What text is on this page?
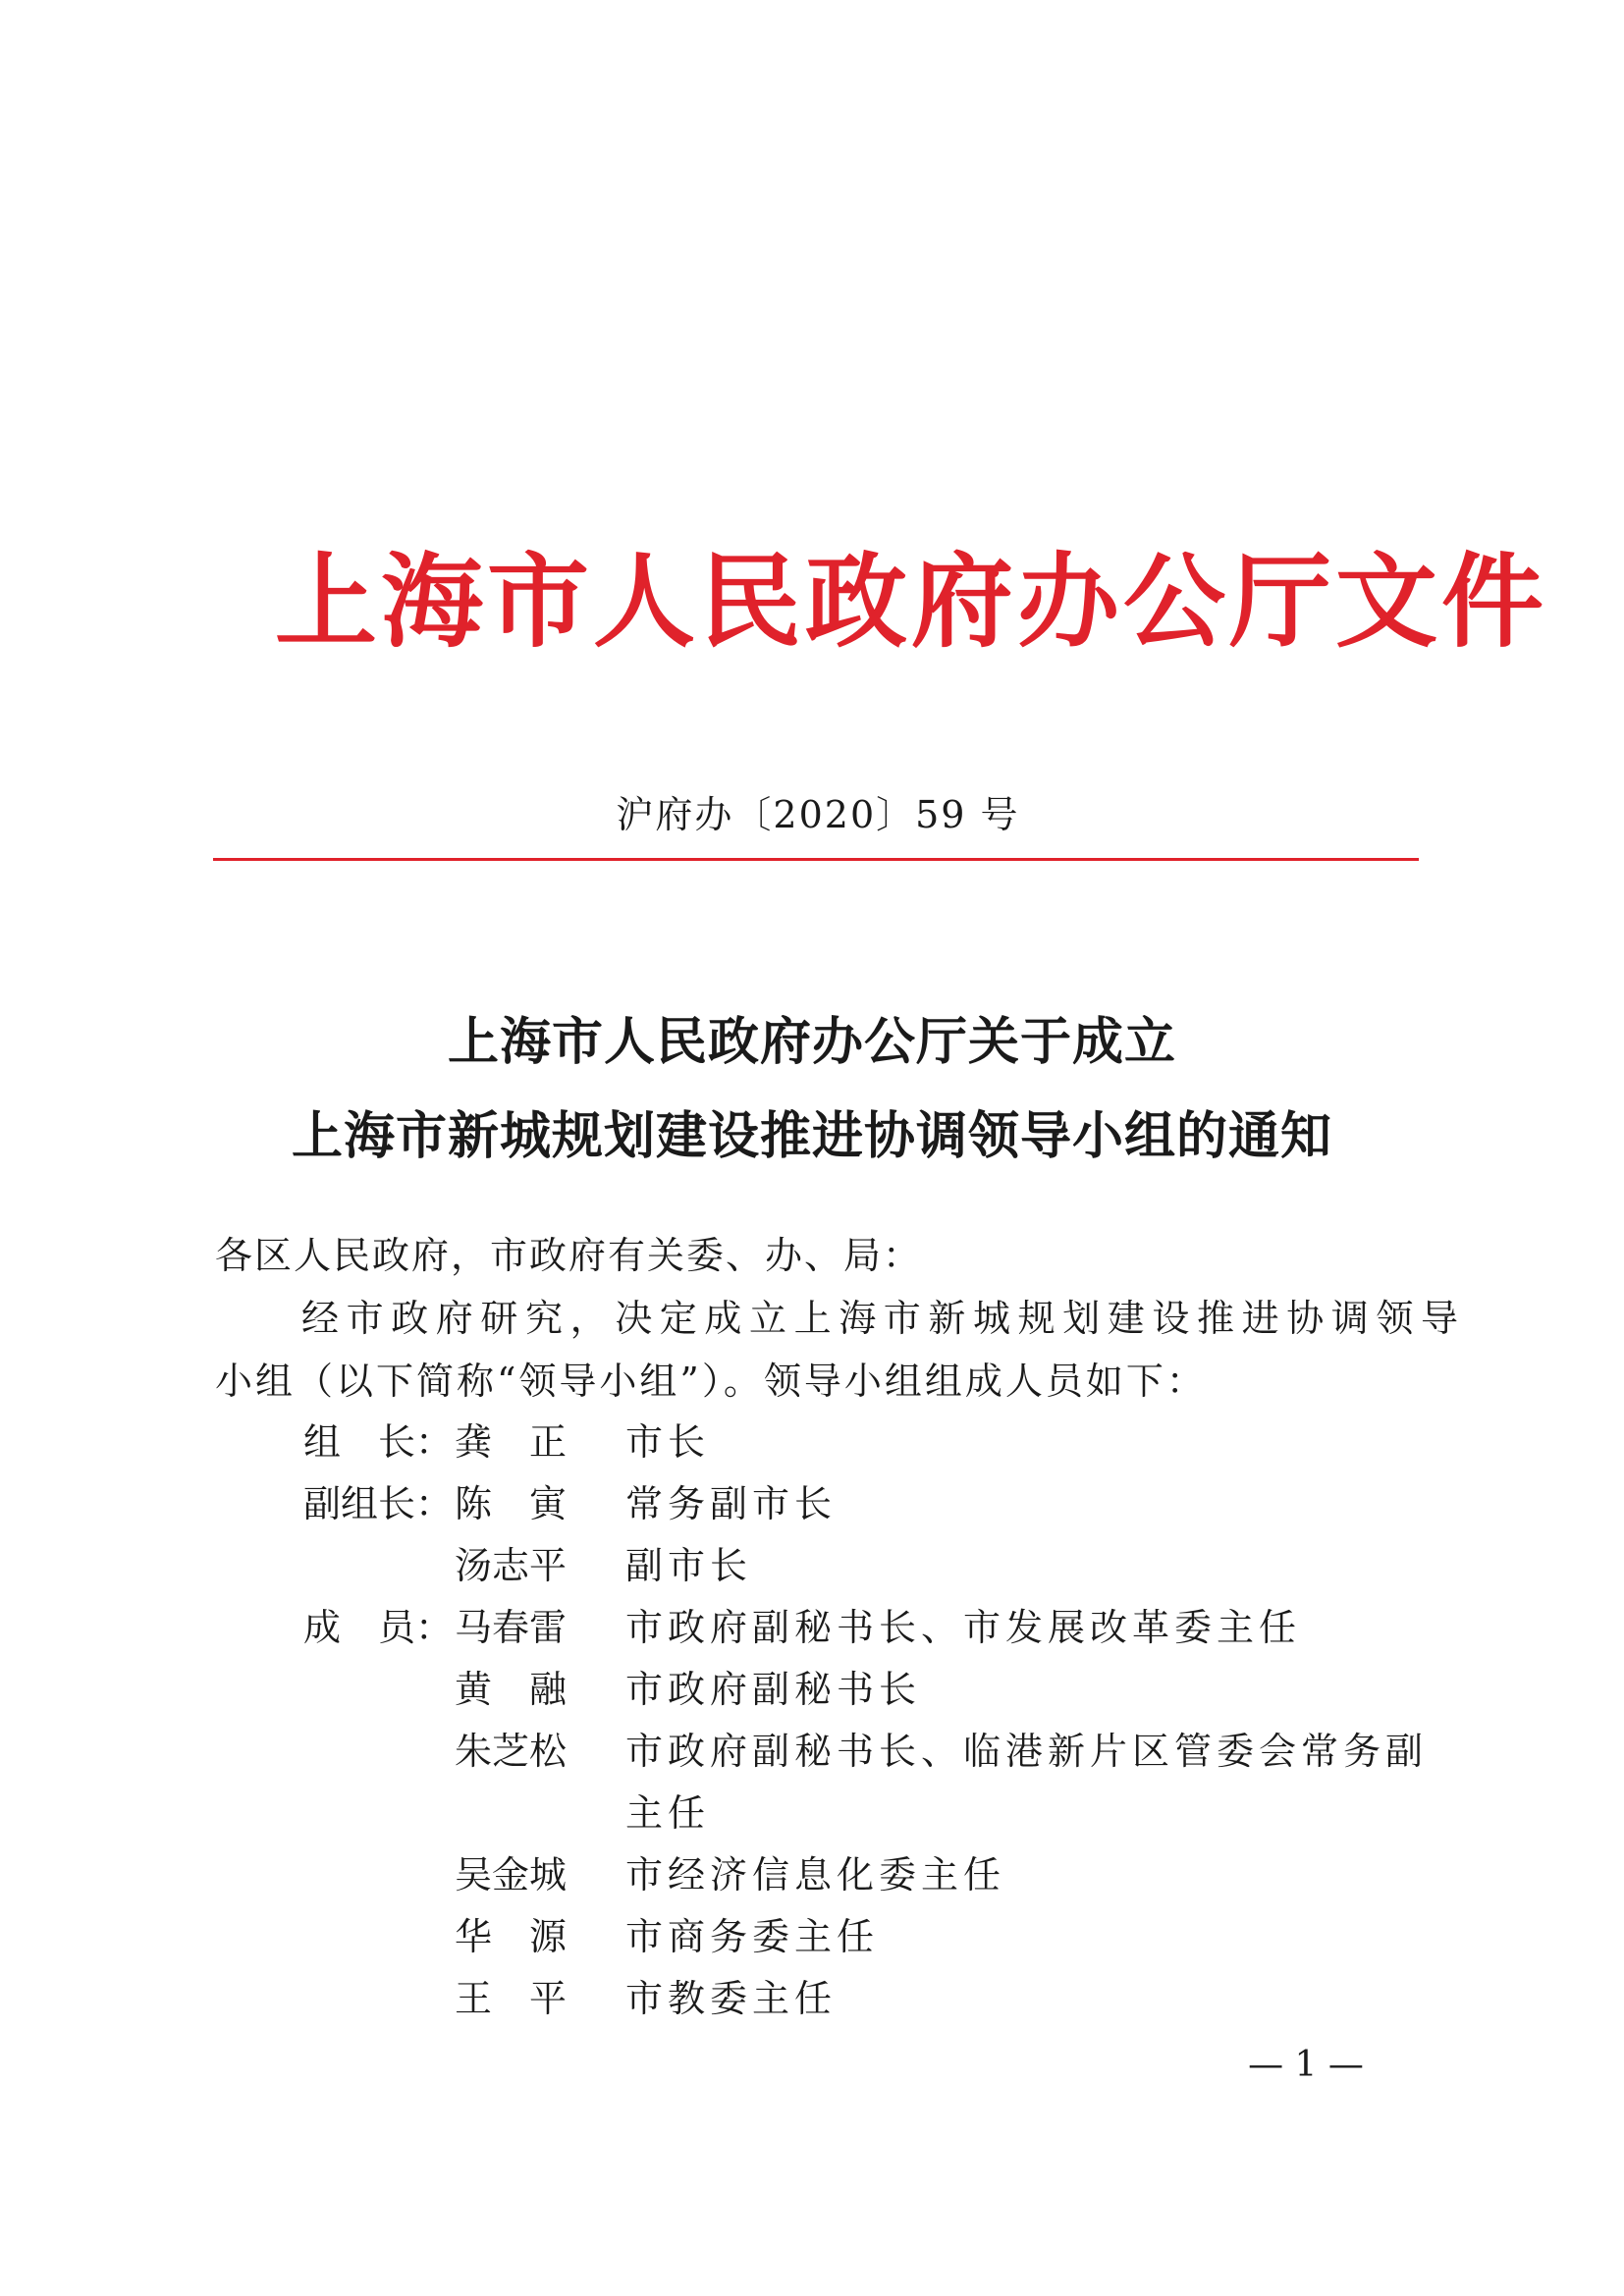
上海市人民政府办公厅文件
沪府办〔2020〕59 号
上海市人民政府办公厅关于成立
上海市新城规划建设推进协调领导小组的通知
各区人民政府，市政府有关委、办、局：
经市政府研究，决定成立上海市新城规划建设推进协调领导
小组（以下简称“领导小组”）。领导小组组成人员如下：
组　长： 龚　正 市长
副组长： 陈　寅 常务副市长
汤志平 副市长
成　员： 马春雷 市政府副秘书长、市发展改革委主任
黄　融 市政府副秘书长
朱芝松 市政府副秘书长、临港新片区管委会常务副
主任
吴金城 市经济信息化委主任
华　源 市商务委主任
王　平 市教委主任
— 1 —
